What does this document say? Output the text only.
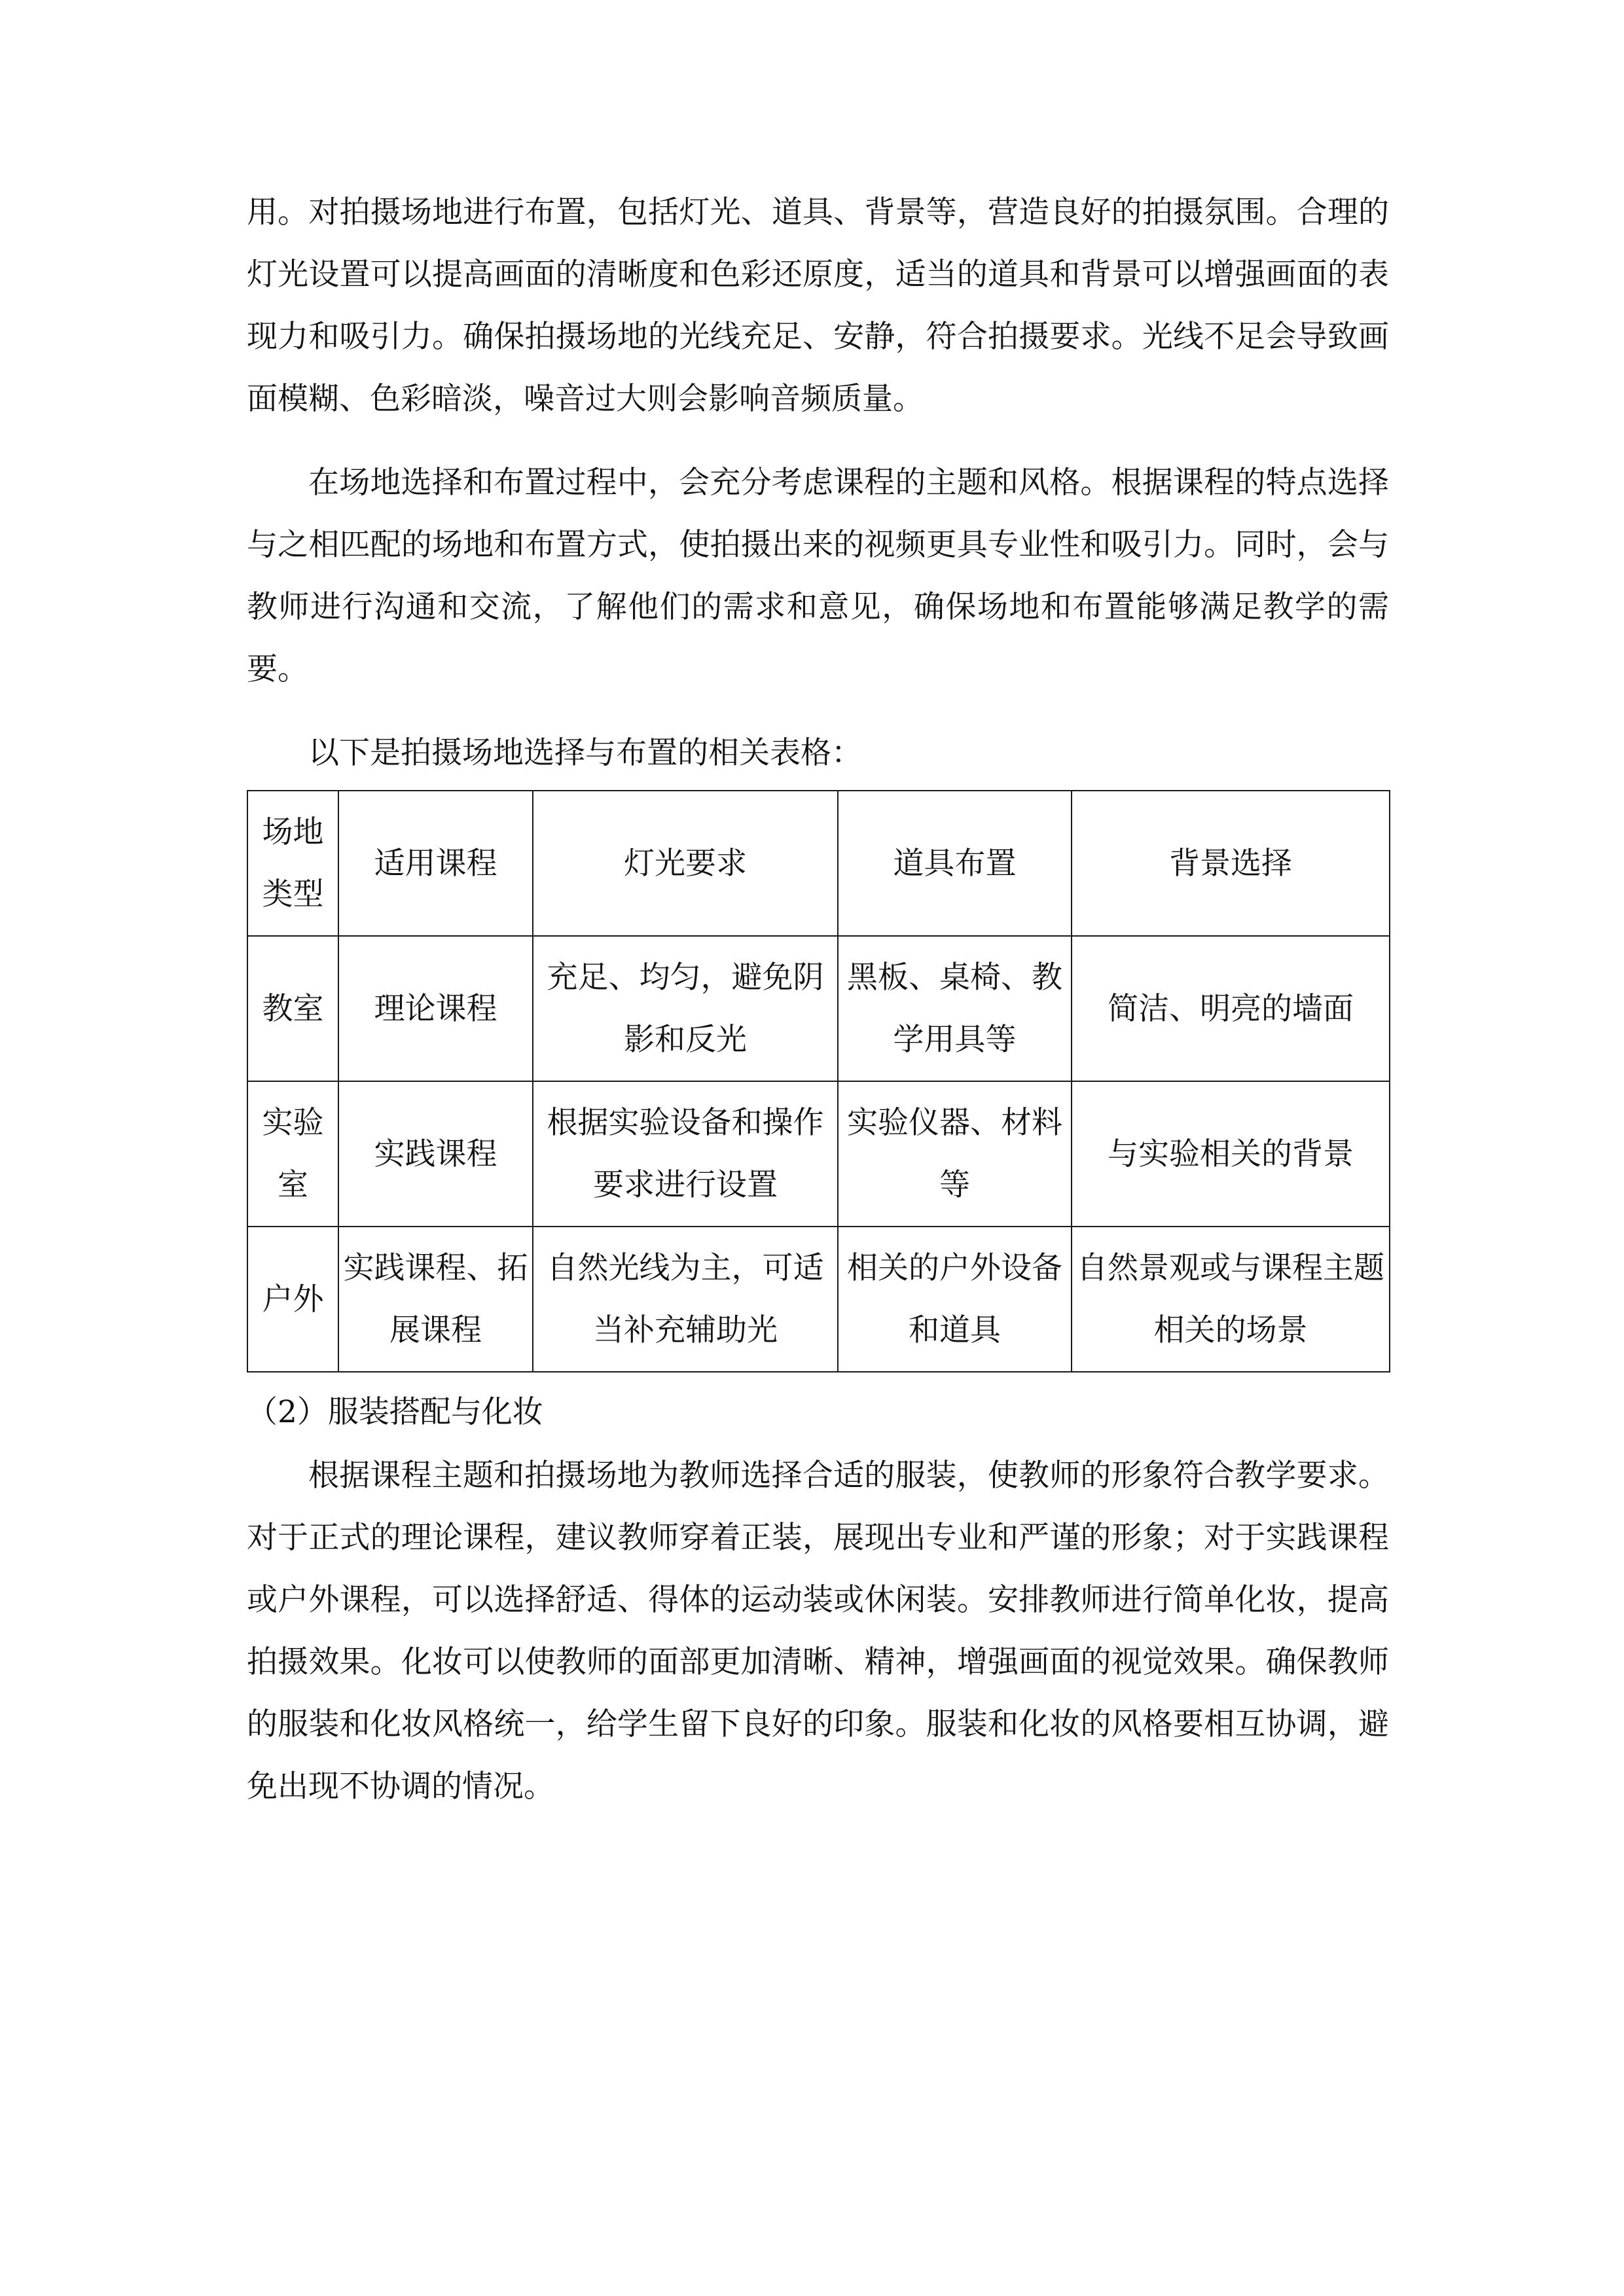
用。对拍摄场地进行布置，包括灯光、道具、背景等，营造良好的拍摄氛围。合理的灯光设置可以提高画面的清晰度和色彩还原度，适当的道具和背景可以增强画面的表现力和吸引力。确保拍摄场地的光线充足、安静，符合拍摄要求。光线不足会导致画面模糊、色彩暗淡，噪音过大则会影响音频质量。

在场地选择和布置过程中，会充分考虑课程的主题和风格。根据课程的特点选择与之相匹配的场地和布置方式，使拍摄出来的视频更具专业性和吸引力。同时，会与教师进行沟通和交流，了解他们的需求和意见，确保场地和布置能够满足教学的需要。

以下是拍摄场地选择与布置的相关表格：

场地类型	适用课程	灯光要求	道具布置	背景选择
教室	理论课程	充足、均匀，避免阴影和反光	黑板、桌椅、教学用具等	简洁、明亮的墙面
实验室	实践课程	根据实验设备和操作要求进行设置	实验仪器、材料等	与实验相关的背景
户外	实践课程、拓展课程	自然光线为主，可适当补充辅助光	相关的户外设备和道具	自然景观或与课程主题相关的场景

（2）服装搭配与化妆

根据课程主题和拍摄场地为教师选择合适的服装，使教师的形象符合教学要求。对于正式的理论课程，建议教师穿着正装，展现出专业和严谨的形象；对于实践课程或户外课程，可以选择舒适、得体的运动装或休闲装。安排教师进行简单化妆，提高拍摄效果。化妆可以使教师的面部更加清晰、精神，增强画面的视觉效果。确保教师的服装和化妆风格统一，给学生留下良好的印象。服装和化妆的风格要相互协调，避免出现不协调的情况。
